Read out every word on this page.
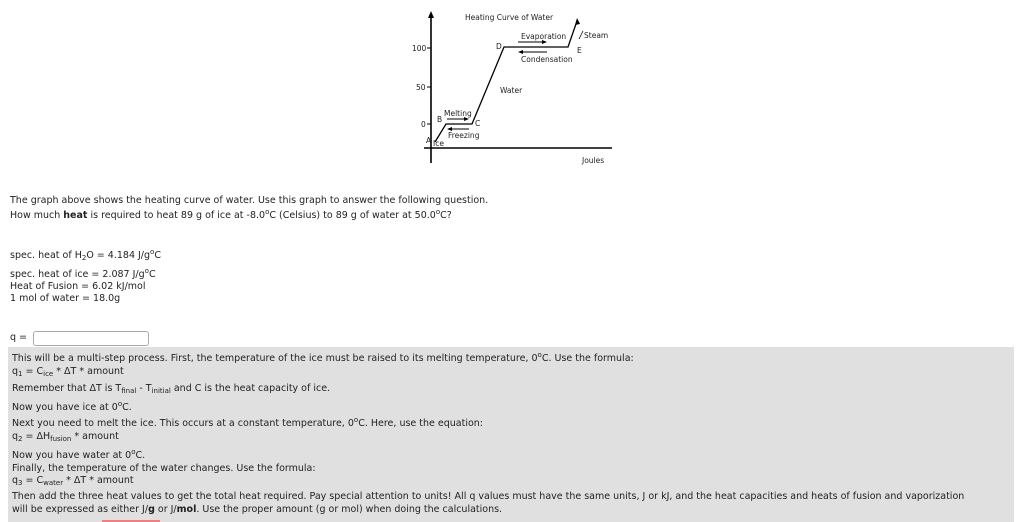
Heating Curve of Water
100
50
0
Joules
A
B	C
D	E
Melting
Freezing
Ice
Water
Evaporation
Condensation
Steam
The graph above shows the heating curve of water. Use this graph to answer the following question.
How much heat is required to heat 89 g of ice at -8.0$^o$C (Celsius) to 89 g of water at 50.0$^o$C?
spec. heat of $H_2O = 4.184$ $J/g^oC$
spec. heat of ice = 2.087 $J/g^oC$
Heat of Fusion = 6.02 kJ/mol
1 mol of water = 18.0g
q =
This will be a multi-step process. First, the temperature of the ice must be raised to its melting temperature, 0$^o$C. Use the formula:
$q_1 = C_{ice} * \Delta T$ * amount
Remember that ΔT is $T_{final} - T_{initial}$ and C is the heat capacity of ice.
Now you have ice at 0$^o$C.
Next you need to melt the ice. This occurs at a constant temperature, 0$^o$C. Here, use the equation:
$q_2 = \Delta H_{fusion}$ * amount
Now you have water at 0$^o$C.
Finally, the temperature of the water changes. Use the formula:
$q_3 = C_{water} * \Delta T$ * amount
Then add the three heat values to get the total heat required. Pay special attention to units! All q values must have the same units, J or kJ, and the heat capacities and heats of fusion and vaporization
will be expressed as either J/g or J/mol. Use the proper amount (g or mol) when doing the calculations.
